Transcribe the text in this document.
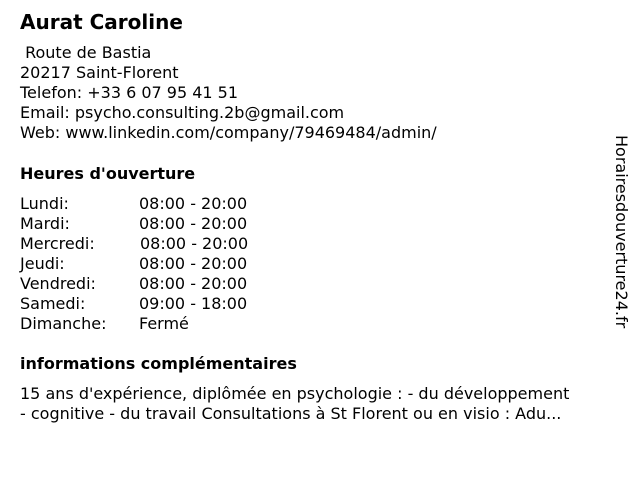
Aurat Caroline
Route de Bastia
20217 Saint-Florent
Telefon: +33 6 07 95 41 51
Email: psycho.consulting.2b@gmail.com
Web: www.linkedin.com/company/79469484/admin/
Heures d'ouverture
Lundi:	08:00 - 20:00
Mardi:	08:00 - 20:00
Mercredi:	08:00 - 20:00
Jeudi:	08:00 - 20:00
Vendredi:	08:00 - 20:00
Samedi:	09:00 - 18:00
Dimanche: Fermé
informations complémentaires
15 ans d'expérience, diplômée en psychologie : - du développement
- cognitive - du travail Consultations à St Florent ou en visio : Adu...
Horairesdouverture24.fr
